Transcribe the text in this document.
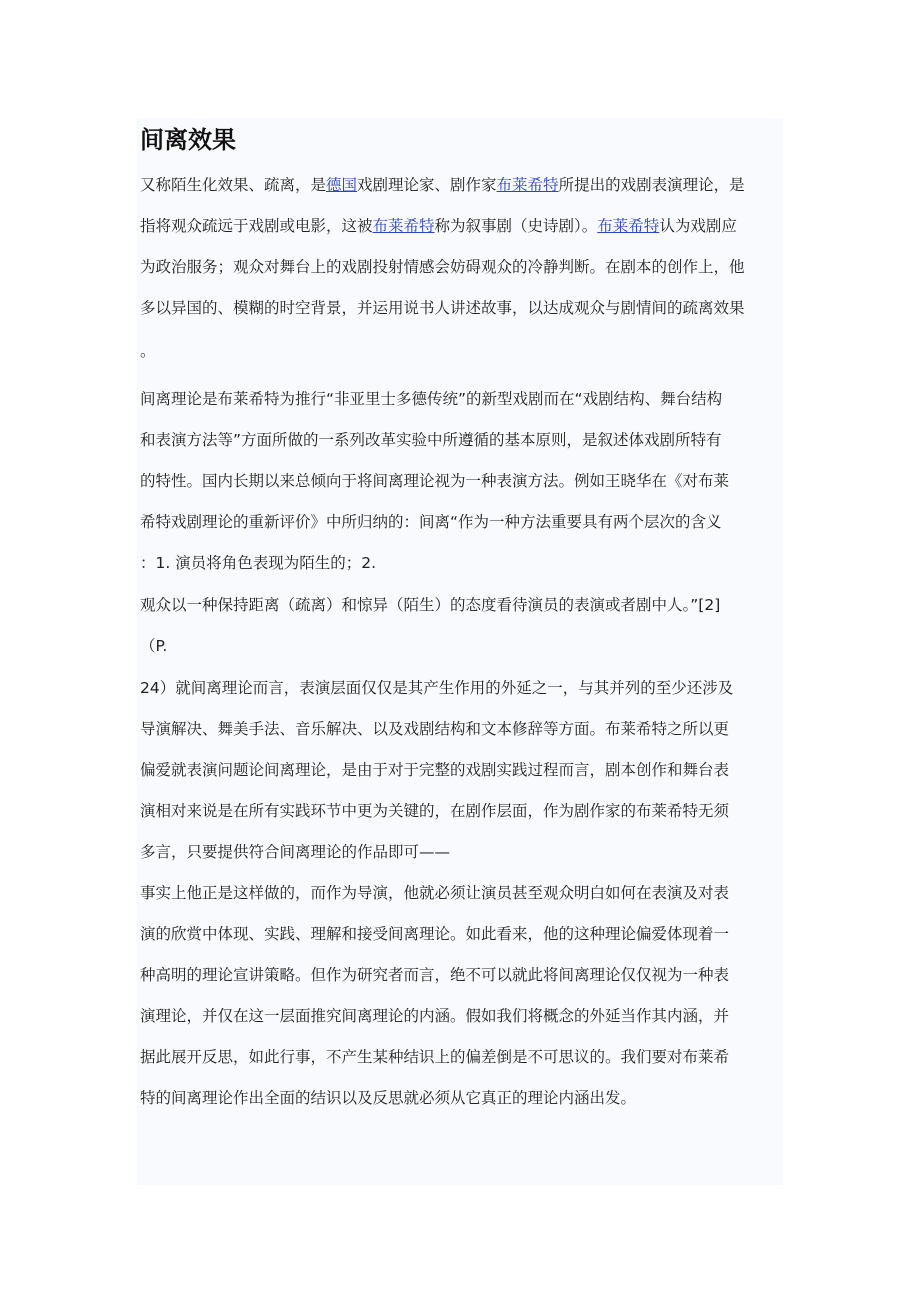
间离效果

又称陌生化效果、疏离，是德国戏剧理论家、剧作家布莱希特所提出的戏剧表演理论，是

指将观众疏远于戏剧或电影，这被布莱希特称为叙事剧（史诗剧）。布莱希特认为戏剧应

为政治服务；观众对舞台上的戏剧投射情感会妨碍观众的冷静判断。在剧本的创作上，他

多以异国的、模糊的时空背景，并运用说书人讲述故事，以达成观众与剧情间的疏离效果

。

间离理论是布莱希特为推行“非亚里士多德传统”的新型戏剧而在“戏剧结构、舞台结构

和表演方法等”方面所做的一系列改革实验中所遵循的基本原则，是叙述体戏剧所特有

的特性。国内长期以来总倾向于将间离理论视为一种表演方法。例如王晓华在《对布莱

希特戏剧理论的重新评价》中所归纳的：间离“作为一种方法重要具有两个层次的含义

：1. 演员将角色表现为陌生的；2.

观众以一种保持距离（疏离）和惊异（陌生）的态度看待演员的表演或者剧中人。”[2]

（P.

24）就间离理论而言，表演层面仅仅是其产生作用的外延之一，与其并列的至少还涉及

导演解决、舞美手法、音乐解决、以及戏剧结构和文本修辞等方面。布莱希特之所以更

偏爱就表演问题论间离理论，是由于对于完整的戏剧实践过程而言，剧本创作和舞台表

演相对来说是在所有实践环节中更为关键的，在剧作层面，作为剧作家的布莱希特无须

多言，只要提供符合间离理论的作品即可——

事实上他正是这样做的，而作为导演，他就必须让演员甚至观众明白如何在表演及对表

演的欣赏中体现、实践、理解和接受间离理论。如此看来，他的这种理论偏爱体现着一

种高明的理论宣讲策略。但作为研究者而言，绝不可以就此将间离理论仅仅视为一种表

演理论，并仅在这一层面推究间离理论的内涵。假如我们将概念的外延当作其内涵，并

据此展开反思，如此行事，不产生某种结识上的偏差倒是不可思议的。我们要对布莱希

特的间离理论作出全面的结识以及反思就必须从它真正的理论内涵出发。
